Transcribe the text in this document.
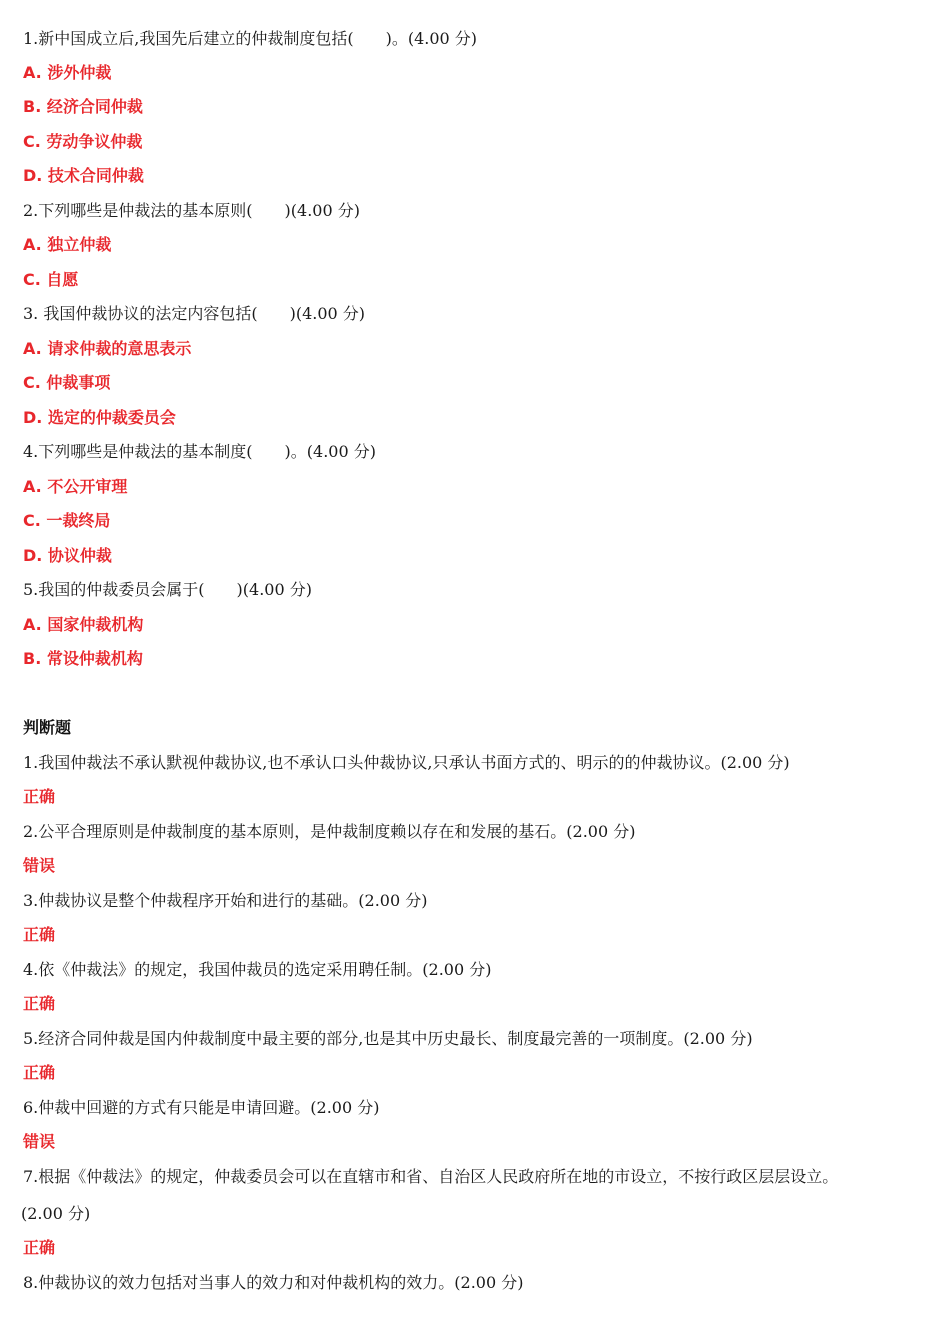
1.新中国成立后,我国先后建立的仲裁制度包括(　　)。(4.00 分)
A. 涉外仲裁
B. 经济合同仲裁
C. 劳动争议仲裁
D. 技术合同仲裁
2.下列哪些是仲裁法的基本原则(　　)(4.00 分)
A. 独立仲裁
C. 自愿
3. 我国仲裁协议的法定内容包括(　　)(4.00 分)
A. 请求仲裁的意思表示
C. 仲裁事项
D. 选定的仲裁委员会
4.下列哪些是仲裁法的基本制度(　　)。(4.00 分)
A. 不公开审理
C. 一裁终局
D. 协议仲裁
5.我国的仲裁委员会属于(　　)(4.00 分)
A. 国家仲裁机构
B. 常设仲裁机构
判断题
1.我国仲裁法不承认默视仲裁协议,也不承认口头仲裁协议,只承认书面方式的、明示的的仲裁协议。(2.00 分)
正确
2.公平合理原则是仲裁制度的基本原则，是仲裁制度赖以存在和发展的基石。(2.00 分)
错误
3.仲裁协议是整个仲裁程序开始和进行的基础。(2.00 分)
正确
4.依《仲裁法》的规定，我国仲裁员的选定采用聘任制。(2.00 分)
正确
5.经济合同仲裁是国内仲裁制度中最主要的部分,也是其中历史最长、制度最完善的一项制度。(2.00 分)
正确
6.仲裁中回避的方式有只能是申请回避。(2.00 分)
错误
7.根据《仲裁法》的规定，仲裁委员会可以在直辖市和省、自治区人民政府所在地的市设立，不按行政区层层设立。
(2.00 分)
正确
8.仲裁协议的效力包括对当事人的效力和对仲裁机构的效力。(2.00 分)
